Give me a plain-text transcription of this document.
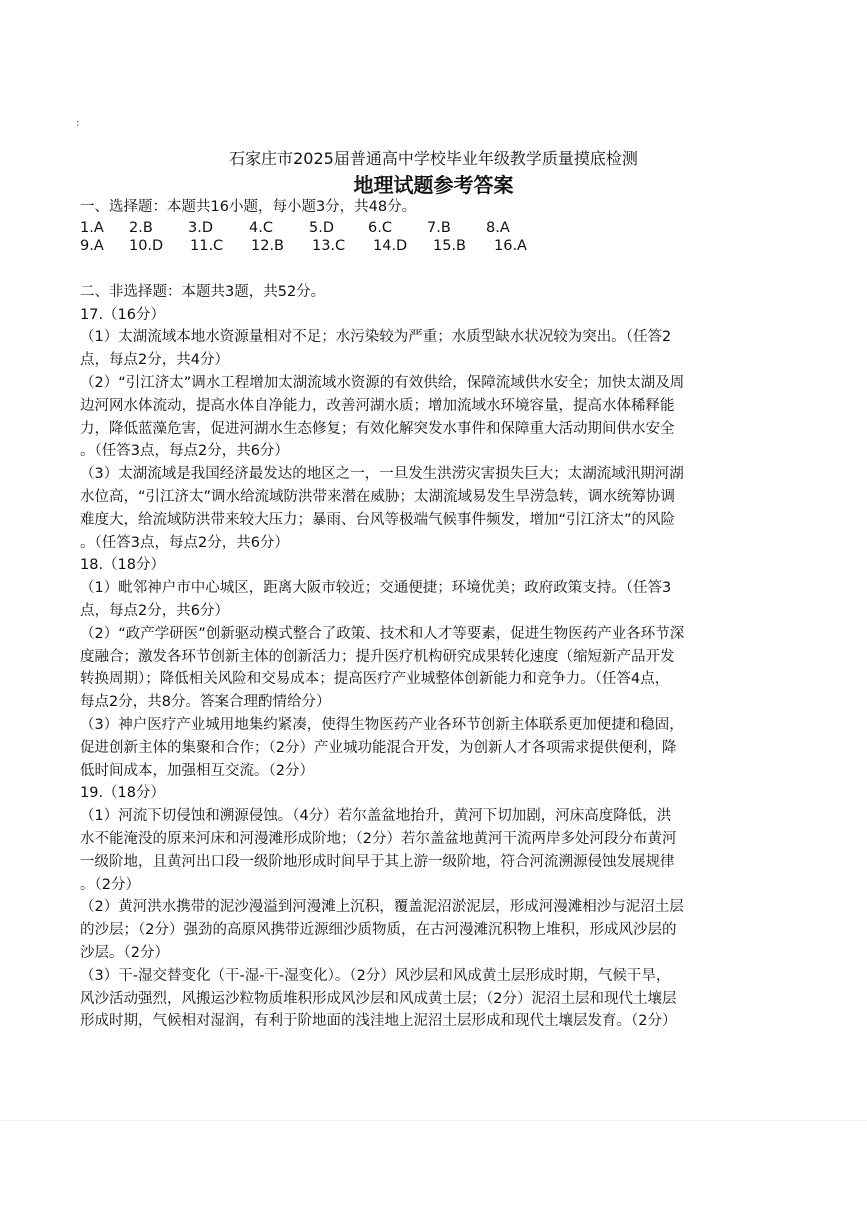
:
石家庄市2025届普通高中学校毕业年级教学质量摸底检测
地理试题参考答案
一、选择题：本题共16小题，每小题3分，共48分。
1.A 2.B 3.D 4.C 5.D 6.C 7.B 8.A
9.A 10.D 11.C 12.B 13.C 14.D 15.B 16.A
二、非选择题：本题共3题，共52分。
17.（16分）
（1）太湖流域本地水资源量相对不足；水污染较为严重；水质型缺水状况较为突出。（任答2
点，每点2分，共4分）
（2）“引江济太”调水工程增加太湖流域水资源的有效供给，保障流域供水安全；加快太湖及周
边河网水体流动，提高水体自净能力，改善河湖水质；增加流域水环境容量，提高水体稀释能
力，降低蓝藻危害，促进河湖水生态修复；有效化解突发水事件和保障重大活动期间供水安全
。（任答3点，每点2分，共6分）
（3）太湖流域是我国经济最发达的地区之一，一旦发生洪涝灾害损失巨大；太湖流域汛期河湖
水位高，“引江济太”调水给流域防洪带来潜在威胁；太湖流域易发生旱涝急转，调水统筹协调
难度大，给流域防洪带来较大压力；暴雨、台风等极端气候事件频发，增加“引江济太”的风险
。（任答3点，每点2分，共6分）
18.（18分）
（1）毗邻神户市中心城区，距离大阪市较近；交通便捷；环境优美；政府政策支持。（任答3
点，每点2分，共6分）
（2）“政产学研医”创新驱动模式整合了政策、技术和人才等要素，促进生物医药产业各环节深
度融合；激发各环节创新主体的创新活力；提升医疗机构研究成果转化速度（缩短新产品开发
转换周期）；降低相关风险和交易成本；提高医疗产业城整体创新能力和竞争力。（任答4点，
每点2分，共8分。答案合理酌情给分）
（3）神户医疗产业城用地集约紧凑，使得生物医药产业各环节创新主体联系更加便捷和稳固，
促进创新主体的集聚和合作；（2分）产业城功能混合开发，为创新人才各项需求提供便利，降
低时间成本，加强相互交流。（2分）
19.（18分）
（1）河流下切侵蚀和溯源侵蚀。（4分）若尔盖盆地抬升，黄河下切加剧，河床高度降低，洪
水不能淹没的原来河床和河漫滩形成阶地；（2分）若尔盖盆地黄河干流两岸多处河段分布黄河
一级阶地，且黄河出口段一级阶地形成时间早于其上游一级阶地，符合河流溯源侵蚀发展规律
。（2分）
（2）黄河洪水携带的泥沙漫溢到河漫滩上沉积，覆盖泥沼淤泥层，形成河漫滩相沙与泥沼土层
的沙层；（2分）强劲的高原风携带近源细沙质物质，在古河漫滩沉积物上堆积，形成风沙层的
沙层。（2分）
（3）干-湿交替变化（干-湿-干-湿变化）。（2分）风沙层和风成黄土层形成时期，气候干旱，
风沙活动强烈，风搬运沙粒物质堆积形成风沙层和风成黄土层；（2分）泥沼土层和现代土壤层
形成时期，气候相对湿润，有利于阶地面的浅洼地上泥沼土层形成和现代土壤层发育。（2分）
